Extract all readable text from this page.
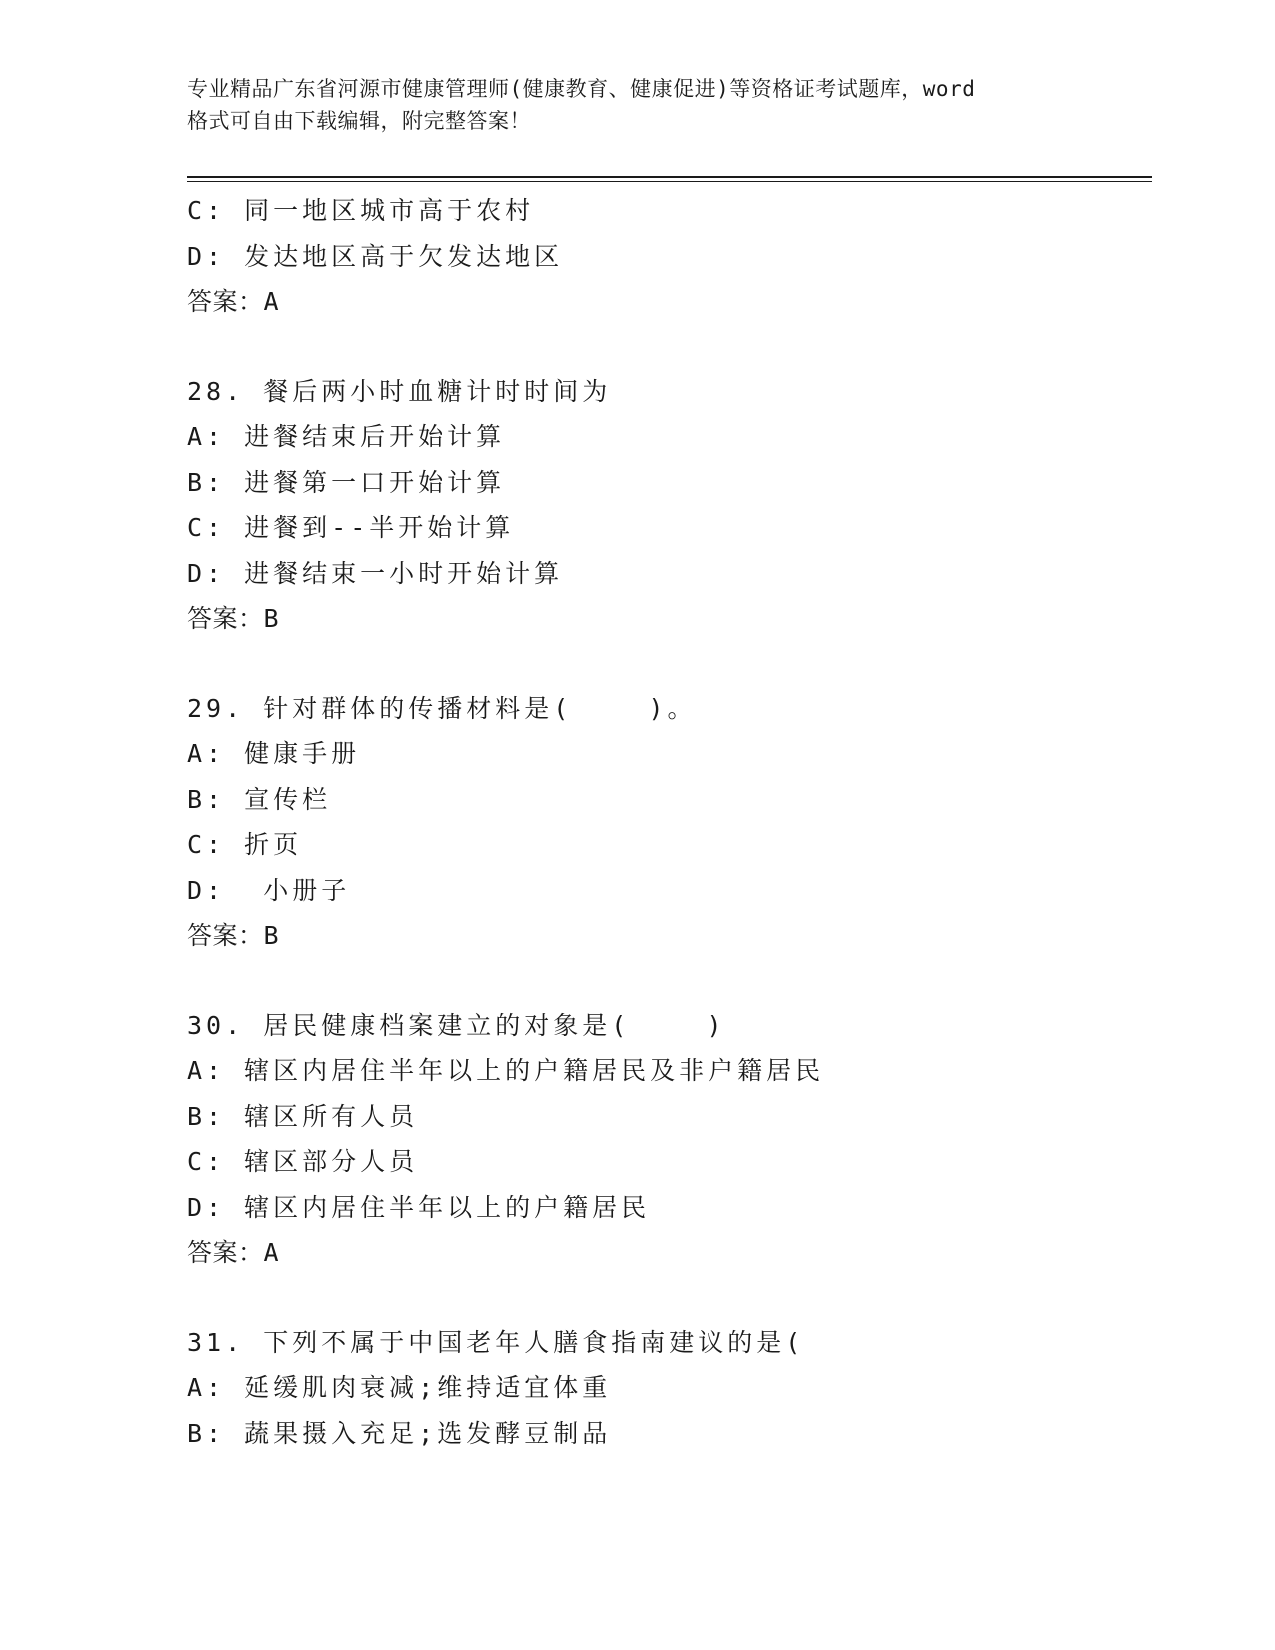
专业精品广东省河源市健康管理师(健康教育、健康促进)等资格证考试题库，word
格式可自由下载编辑，附完整答案！
C: 同一地区城市高于农村
D: 发达地区高于欠发达地区
答案：A
28. 餐后两小时血糖计时时间为
A: 进餐结束后开始计算
B: 进餐第一口开始计算
C: 进餐到--半开始计算
D: 进餐结束一小时开始计算
答案：B
29. 针对群体的传播材料是(    )。
A: 健康手册
B: 宣传栏
C: 折页
D:  小册子
答案：B
30. 居民健康档案建立的对象是(    )
A: 辖区内居住半年以上的户籍居民及非户籍居民
B: 辖区所有人员
C: 辖区部分人员
D: 辖区内居住半年以上的户籍居民
答案：A
31. 下列不属于中国老年人膳食指南建议的是(
A: 延缓肌肉衰减;维持适宜体重
B: 蔬果摄入充足;选发酵豆制品
